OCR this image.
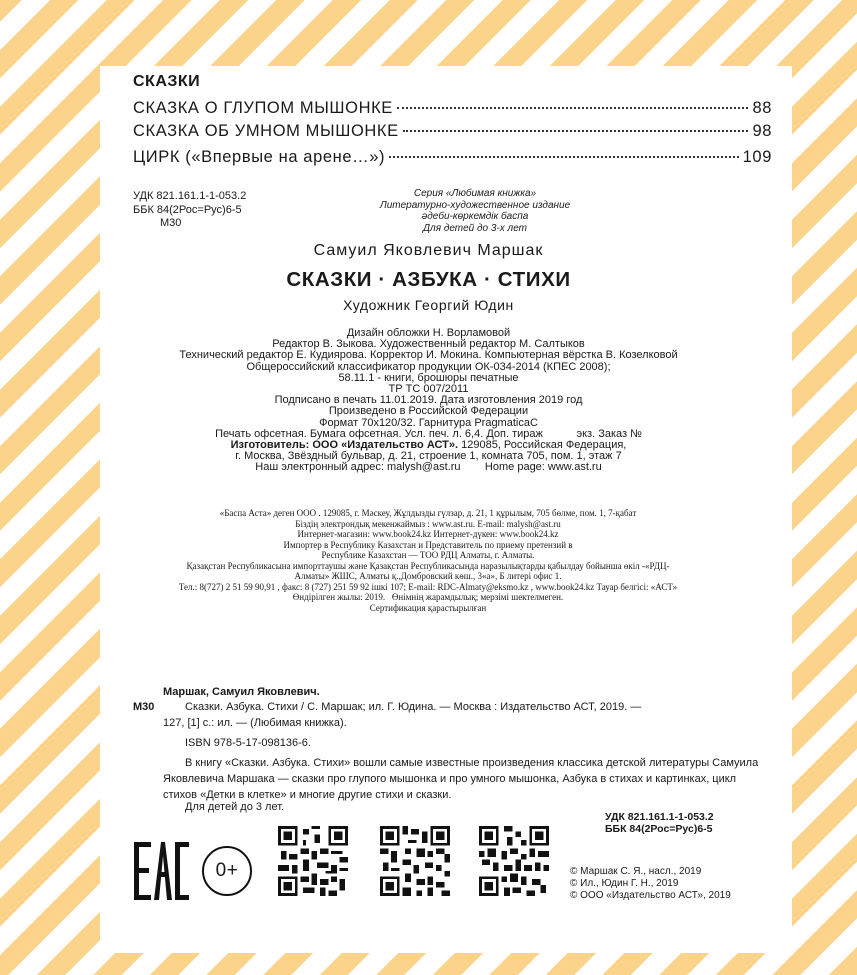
СКАЗКИ
СКАЗКА О ГЛУПОМ МЫШОНКЕ	88
СКАЗКА ОБ УМНОМ МЫШОНКЕ	98
ЦИРК («Впервые на арене…»)	109
УДК 821.161.1-1-053.2
ББК 84(2Рос=Рус)6-5
М30
Серия «Любимая книжка»
Литературно-художественное издание
әдеби-көркемдік баспа
Для детей до 3-х лет
Самуил Яковлевич Маршак
СКАЗКИ · АЗБУКА · СТИХИ
Художник Георгий Юдин
Дизайн обложки Н. Ворламовой
Редактор В. Зыкова. Художественный редактор М. Салтыков
Технический редактор Е. Кудиярова. Корректор И. Мокина. Компьютерная вёрстка В. Козелковой
Общероссийский классификатор продукции ОК-034-2014 (КПЕС 2008);
58.11.1 - книги, брошюры печатные
ТР ТС 007/2011
Подписано в печать 11.01.2019. Дата изготовления 2019 год
Произведено в Российской Федерации
Формат 70х120/32. Гарнитура PragmaticaC
Печать офсетная. Бумага офсетная. Усл. печ. л. 6,4. Доп. тираж           экз. Заказ №
Изготовитель: ООО «Издательство АСТ». 129085, Российская Федерация,
г. Москва, Звёздный бульвар, д. 21, строение 1, комната 705, пом. 1, этаж 7
Наш электронный адрес: malysh@ast.ru        Home page: www.ast.ru
«Баспа Аста» деген ООО . 129085, г. Мәскеу, Жұлдызды гүлзар, д. 21, 1 құрылым, 705 бөлме, пом. 1, 7-қабат
Біздің электрондық мекенжаймыз : www.ast.ru. E-mail: malysh@ast.ru
Интернет-магазин: www.book24.kz Интернет-дүкен: www.book24.kz
Импортер в Республику Казахстан и Представитель по приему претензий в
Республике Казахстан — ТОО РДЦ Алматы, г. Алматы.
Қазақстан Республикасына импорттаушы және Қазақстан Республикасында наразылықтарды қабылдау бойынша өкіл -«РДЦ-
Алматы» ЖШС, Алматы қ.,Домбровский көш., 3«а», Б литері офис 1.
Тел.: 8(727) 2 51 59 90,91 , факс: 8 (727) 251 59 92 ішкі 107; E-mail: RDC-Almaty@eksmo.kz , www.book24.kz Тауар белгісі: «АСТ»
Өндірілген жылы: 2019.   Өнімнің жарамдылық; мерзімі шектелмеген.
Сертификация қарастырылған
Маршак, Самуил Яковлевич.
М30	Сказки. Азбука. Стихи / С. Маршак; ил. Г. Юдина. — Москва : Издательство АСТ, 2019. —
127, [1] с.: ил. — (Любимая книжка).
ISBN 978-5-17-098136-6.
В книгу «Сказки. Азбука. Стихи» вошли самые известные произведения классика детской литературы Самуила Яковлевича Маршака — сказки про глупого мышонка и про умного мышонка, Азбука в стихах и картинках, цикл стихов «Детки в клетке» и многие другие стихи и сказки.
Для детей до 3 лет.
УДК 821.161.1-1-053.2
ББК 84(2Рос=Рус)6-5
0+	© Маршак С. Я., насл., 2019
© Ил., Юдин Г. Н., 2019
© ООО «Издательство АСТ», 2019
